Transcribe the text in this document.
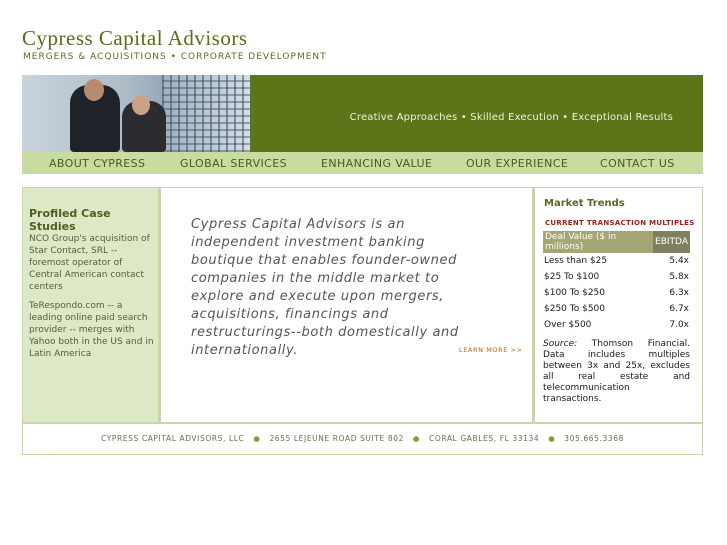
Cypress Capital Advisors
MERGERS & ACQUISITIONS • CORPORATE DEVELOPMENT
Creative Approaches • Skilled Execution • Exceptional Results
ABOUT CYPRESS	GLOBAL SERVICES	ENHANCING VALUE	OUR EXPERIENCE	CONTACT US
Profiled Case Studies
NCO Group's acquisition of Star Contact, SRL -- foremost operator of Central American contact centers
TeRespondo.com -- a leading online paid search provider -- merges with Yahoo both in the US and in Latin America
Cypress Capital Advisors is an independent investment banking boutique that enables founder-owned companies in the middle market to explore and execute upon mergers, acquisitions, financings and restructurings--both domestically and internationally.	LEARN MORE >>
Market Trends
CURRENT TRANSACTION MULTIPLES
Deal Value ($ in millions)	EBITDA
Less than $25	5.4x
$25 To $100	5.8x
$100 To $250	6.3x
$250 To $500	6.7x
Over $500	7.0x
Source: Thomson Financial. Data includes multiples between 3x and 25x, excludes all real estate and telecommunication transactions.
CYPRESS CAPITAL ADVISORS, LLC ● 2655 LEJEUNE ROAD SUITE 802 ● CORAL GABLES, FL 33134 ● 305.665.3368
